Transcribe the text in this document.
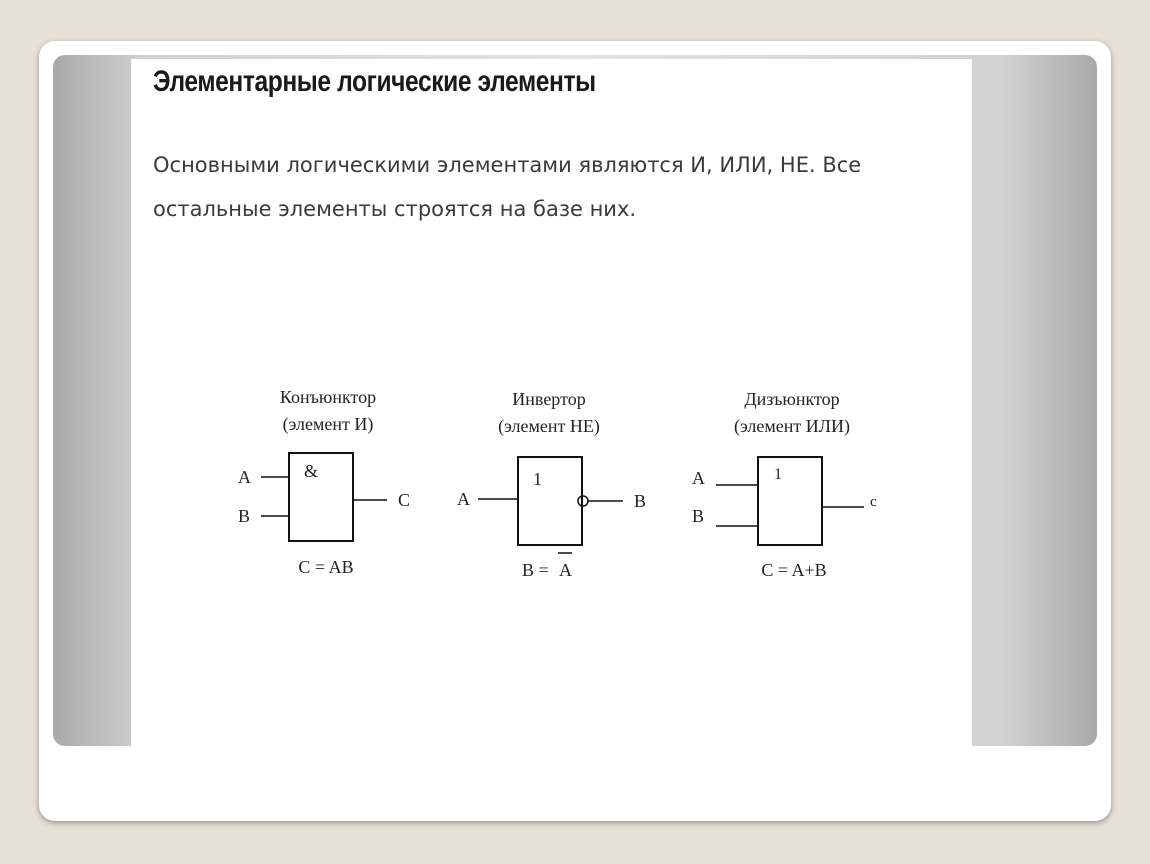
Элементарные логические элементы

Основными логическими элементами являются И, ИЛИ, НЕ. Все
остальные элементы строятся на базе них.

Конъюнктор
(элемент И)
&
A
B
C
C = AB
Инвертор
(элемент НЕ)
1
A	B
B = A
Дизъюнктор
(элемент ИЛИ)
1
A
B
c
C = A+B
